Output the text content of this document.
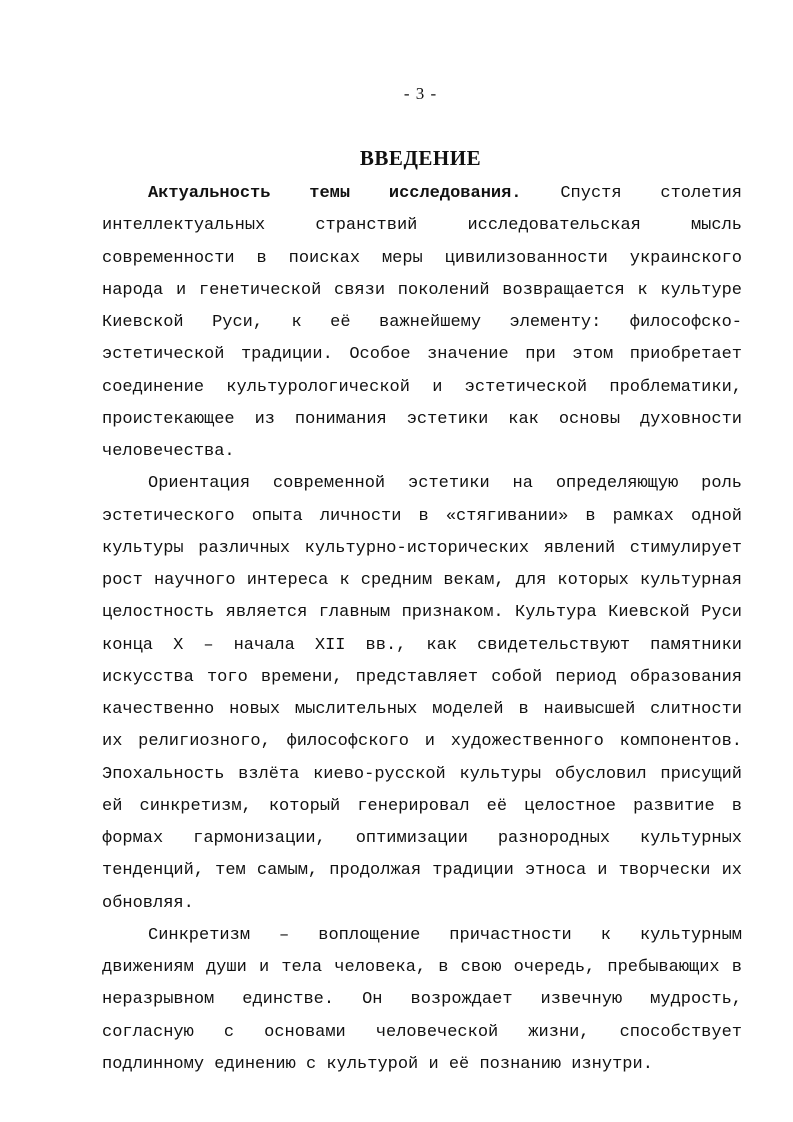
- 3 -
ВВЕДЕНИЕ

Актуальность темы исследования. Спустя столетия интеллектуальных странствий исследовательская мысль современности в поисках меры цивилизованности украинского народа и генетической связи поколений возвращается к культуре Киевской Руси, к её важнейшему элементу: философско-эстетической традиции. Особое значение при этом приобретает соединение культурологической и эстетической проблематики, проистекающее из понимания эстетики как основы духовности человечества.

Ориентация современной эстетики на определяющую роль эстетического опыта личности в «стягивании» в рамках одной культуры различных культурно-исторических явлений стимулирует рост научного интереса к средним векам, для которых культурная целостность является главным признаком. Культура Киевской Руси конца X – начала XII вв., как свидетельствуют памятники искусства того времени, представляет собой период образования качественно новых мыслительных моделей в наивысшей слитности их религиозного, философского и художественного компонентов. Эпохальность взлёта киево-русской культуры обусловил присущий ей синкретизм, который генерировал её целостное развитие в формах гармонизации, оптимизации разнородных культурных тенденций, тем самым, продолжая традиции этноса и творчески их обновляя.

Синкретизм – воплощение причастности к культурным движениям души и тела человека, в свою очередь, пребывающих в неразрывном единстве. Он возрождает извечную мудрость, согласную с основами человеческой жизни, способствует подлинному единению с культурой и её познанию изнутри.
